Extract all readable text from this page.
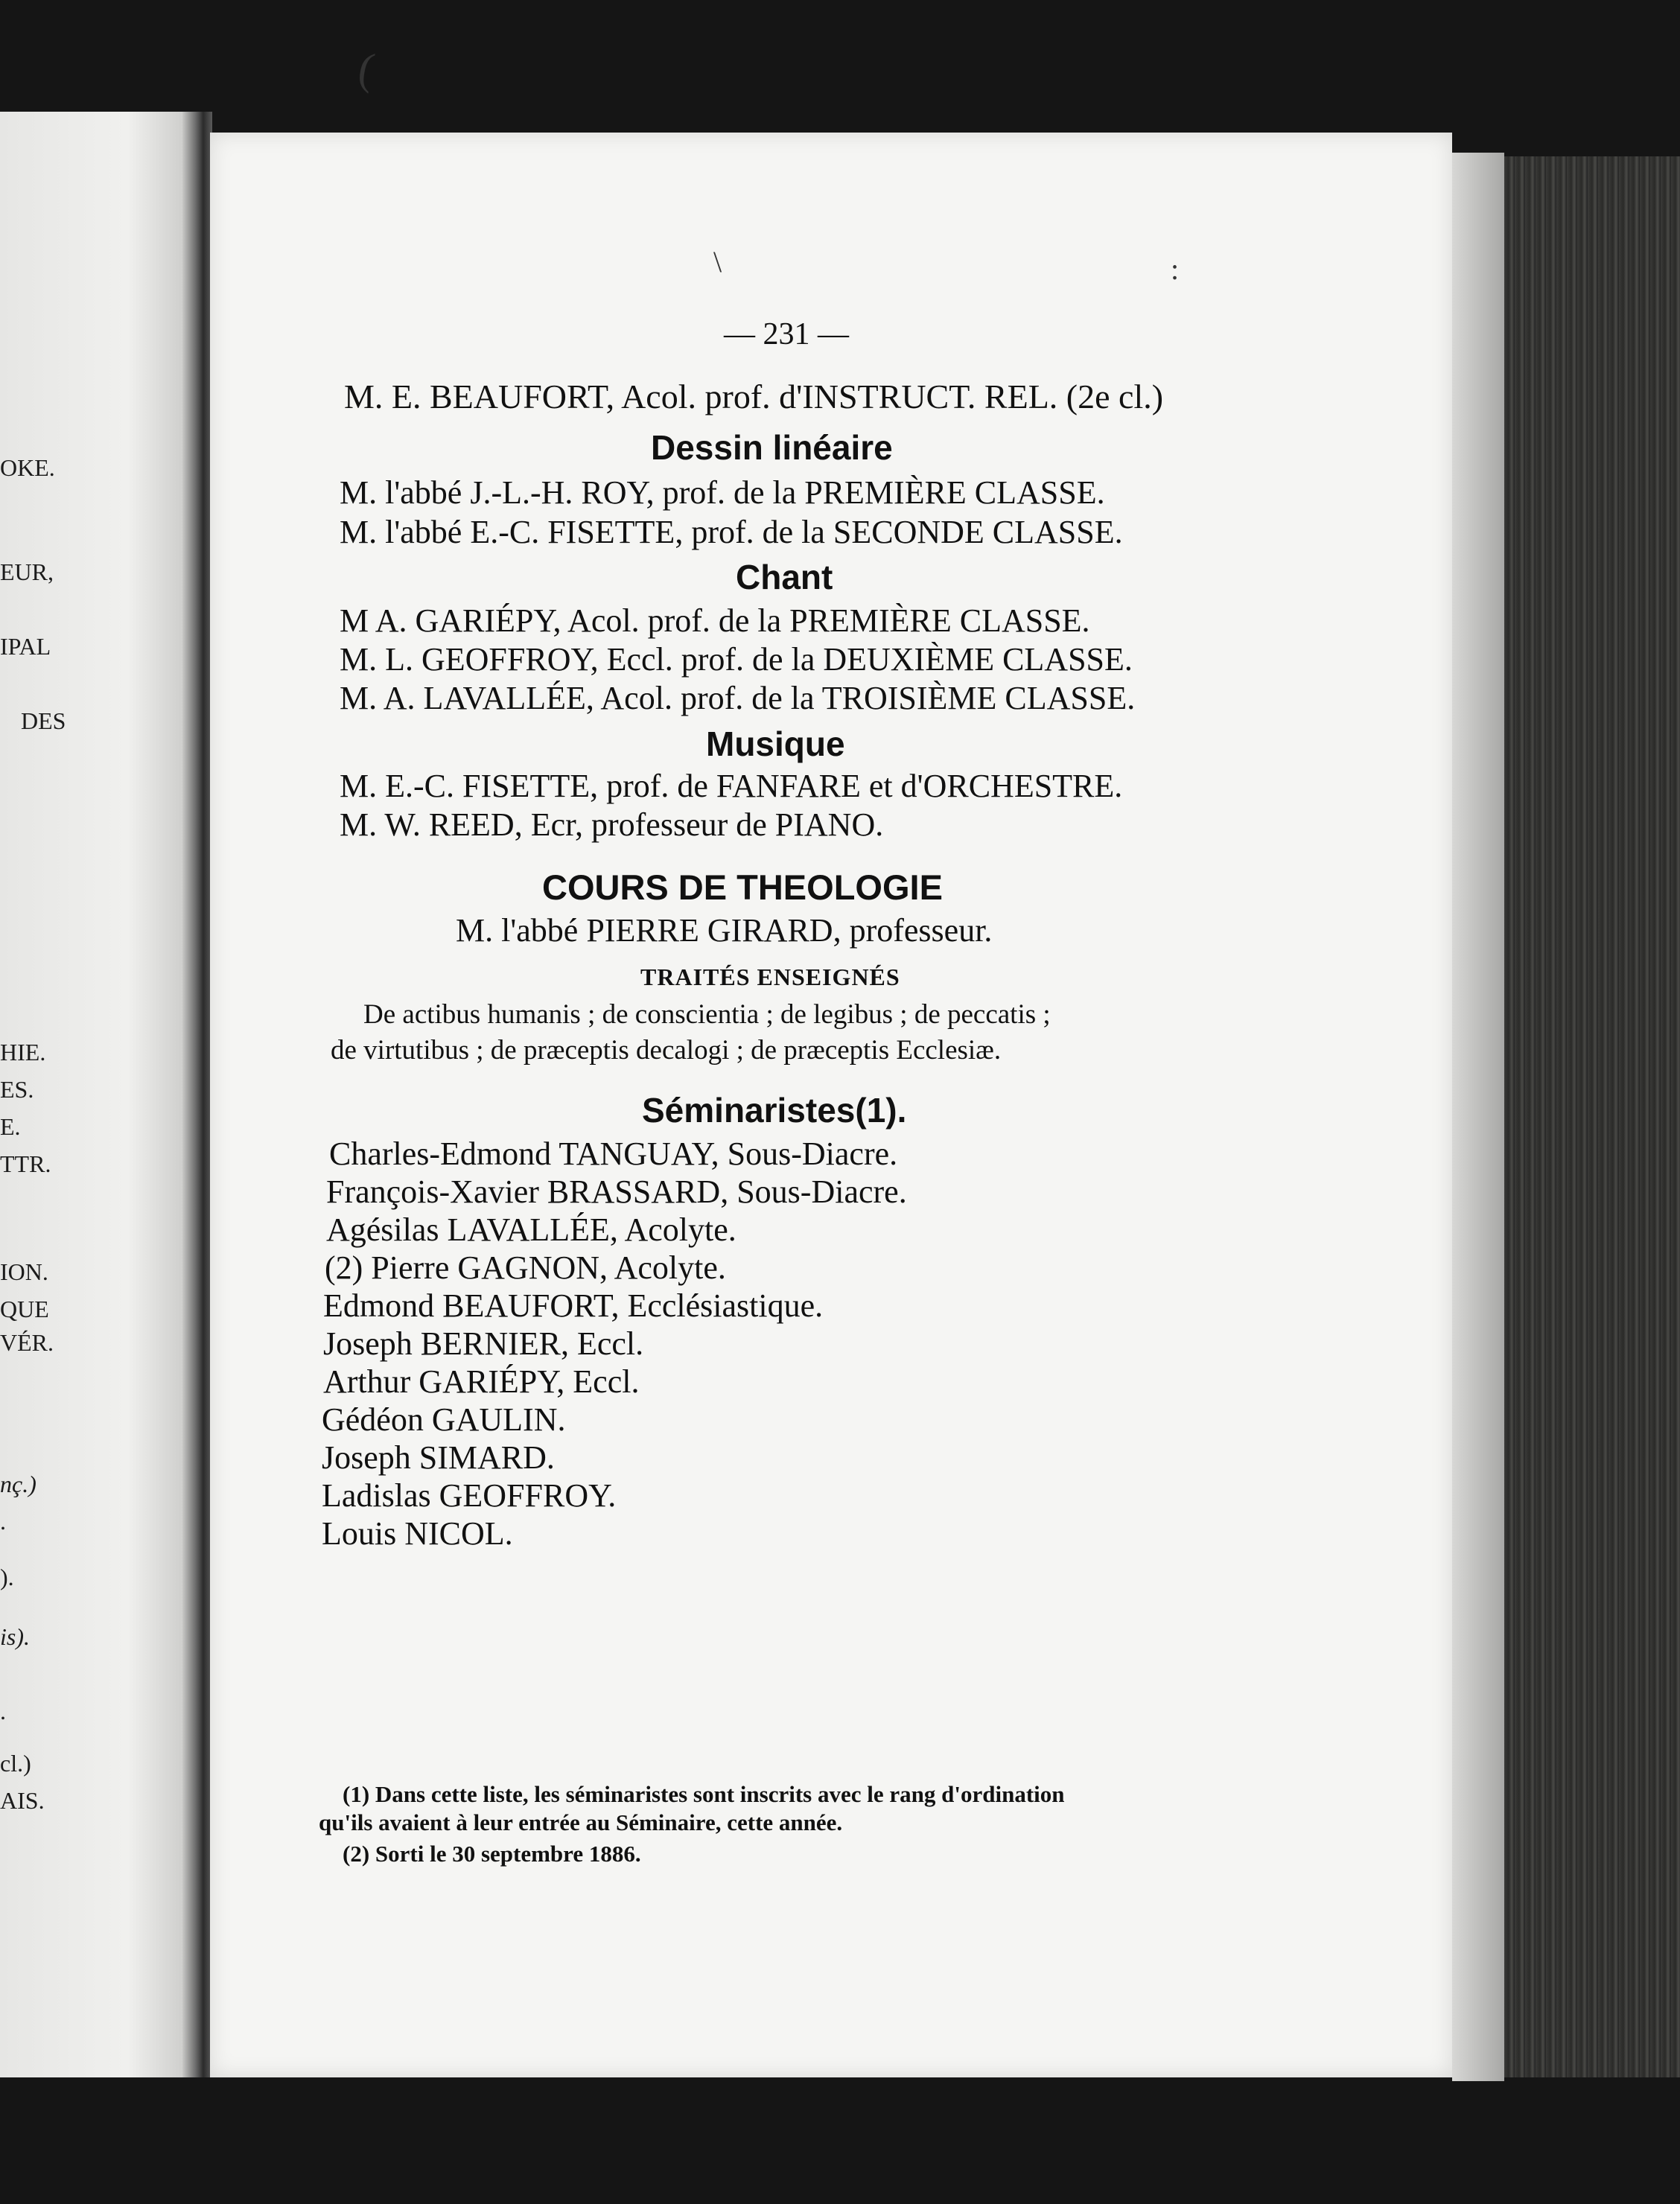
OKE.
EUR,
IPAL
DES
HIE.
ES.
E.
TTR.
ION.
QUE
VÉR.
nç.)
.
).
is).
.
cl.)
AIS.
(
\	:
— 231 —
M. E. BEAUFORT, Acol. prof. d'INSTRUCT. REL. (2e cl.)
Dessin linéaire
M. l'abbé J.-L.-H. ROY, prof. de la PREMIÈRE CLASSE.
M. l'abbé E.-C. FISETTE, prof. de la SECONDE CLASSE.
Chant
M A. GARIÉPY, Acol. prof. de la PREMIÈRE CLASSE.
M. L. GEOFFROY, Eccl. prof. de la DEUXIÈME CLASSE.
M. A. LAVALLÉE, Acol. prof. de la TROISIÈME CLASSE.
Musique
M. E.-C. FISETTE, prof. de FANFARE et d'ORCHESTRE.
M. W. REED, Ecr, professeur de PIANO.
COURS DE THEOLOGIE
M. l'abbé PIERRE GIRARD, professeur.
TRAITÉS ENSEIGNÉS
De actibus humanis ; de conscientia ; de legibus ; de peccatis ;
de virtutibus ; de præceptis decalogi ; de præceptis Ecclesiæ.
Séminaristes(1).
Charles-Edmond TANGUAY, Sous-Diacre.
François-Xavier BRASSARD, Sous-Diacre.
Agésilas LAVALLÉE, Acolyte.
(2) Pierre GAGNON, Acolyte.
Edmond BEAUFORT, Ecclésiastique.
Joseph BERNIER, Eccl.
Arthur GARIÉPY, Eccl.
Gédéon GAULIN.
Joseph SIMARD.
Ladislas GEOFFROY.
Louis NICOL.
(1) Dans cette liste, les séminaristes sont inscrits avec le rang d'ordination
qu'ils avaient à leur entrée au Séminaire, cette année.
(2) Sorti le 30 septembre 1886.
